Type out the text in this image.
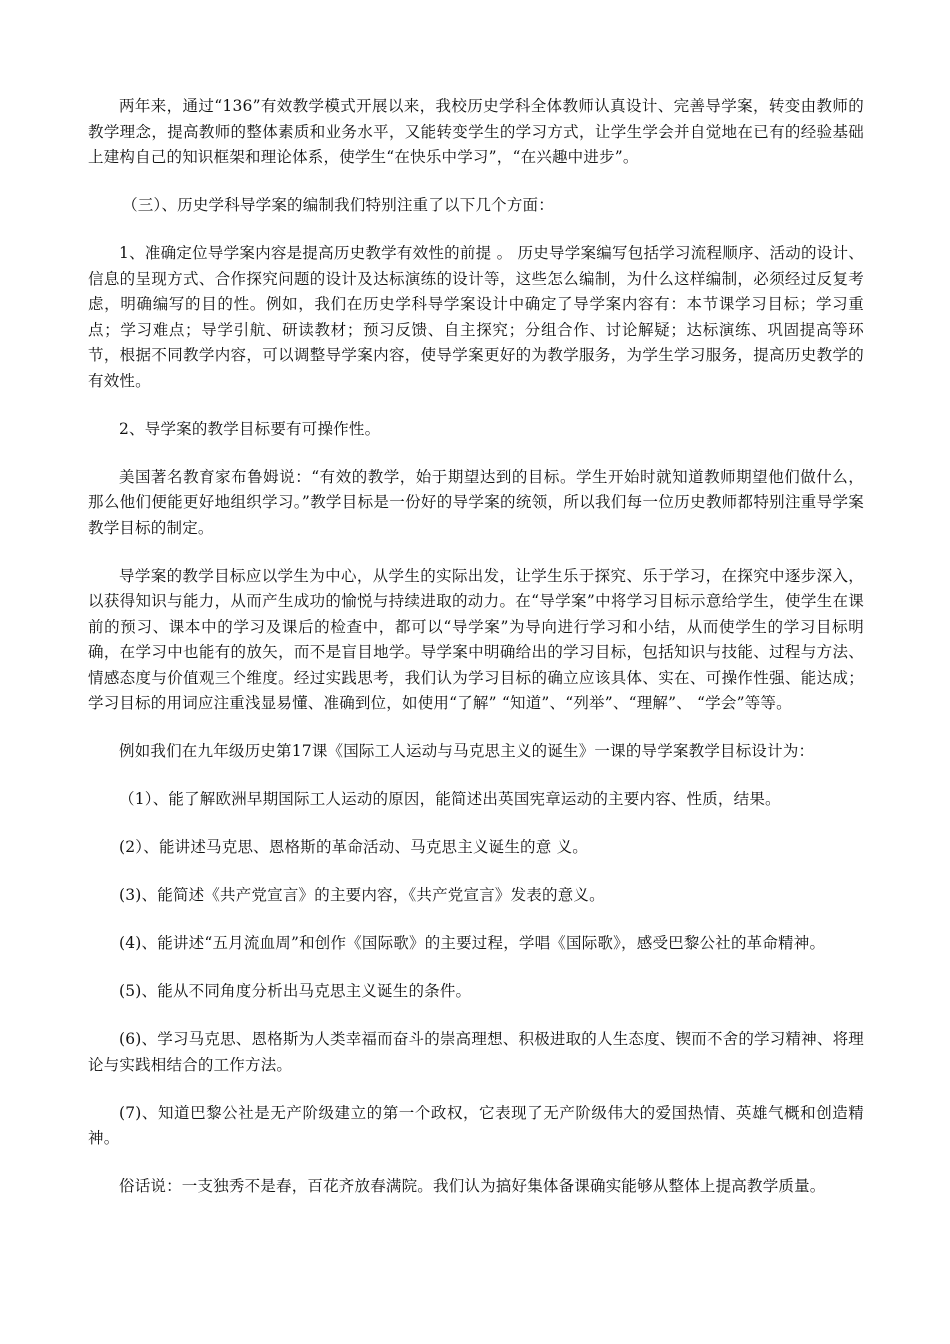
两年来，通过“136”有效教学模式开展以来，我校历史学科全体教师认真设计、完善导学案，转变由教师的教学理念，提高教师的整体素质和业务水平，又能转变学生的学习方式，让学生学会并自觉地在已有的经验基础上建构自己的知识框架和理论体系，使学生“在快乐中学习”，“在兴趣中进步”。

（三）、历史学科导学案的编制我们特别注重了以下几个方面：

1、准确定位导学案内容是提高历史教学有效性的前提 。 历史导学案编写包括学习流程顺序、活动的设计、信息的呈现方式、合作探究问题的设计及达标演练的设计等，这些怎么编制，为什么这样编制，必须经过反复考虑，明确编写的目的性。例如，我们在历史学科导学案设计中确定了导学案内容有：本节课学习目标；学习重点；学习难点；导学引航、研读教材；预习反馈、自主探究；分组合作、讨论解疑；达标演练、巩固提高等环节，根据不同教学内容，可以调整导学案内容，使导学案更好的为教学服务，为学生学习服务，提高历史教学的有效性。

2、导学案的教学目标要有可操作性。

美国著名教育家布鲁姆说：“有效的教学，始于期望达到的目标。学生开始时就知道教师期望他们做什么，那么他们便能更好地组织学习。”教学目标是一份好的导学案的统领，所以我们每一位历史教师都特别注重导学案教学目标的制定。

导学案的教学目标应以学生为中心，从学生的实际出发，让学生乐于探究、乐于学习，在探究中逐步深入，以获得知识与能力，从而产生成功的愉悦与持续进取的动力。在“导学案”中将学习目标示意给学生，使学生在课前的预习、课本中的学习及课后的检查中，都可以“导学案”为导向进行学习和小结，从而使学生的学习目标明确，在学习中也能有的放矢，而不是盲目地学。导学案中明确给出的学习目标，包括知识与技能、过程与方法、情感态度与价值观三个维度。经过实践思考，我们认为学习目标的确立应该具体、实在、可操作性强、能达成；学习目标的用词应注重浅显易懂、准确到位，如使用“了解” “知道”、“列举”、“理解”、 “学会”等等。

例如我们在九年级历史第17课《国际工人运动与马克思主义的诞生》一课的导学案教学目标设计为：

（1）、能了解欧洲早期国际工人运动的原因，能简述出英国宪章运动的主要内容、性质，结果。

(2）、能讲述马克思、恩格斯的革命活动、马克思主义诞生的意 义。

(3)、能简述《共产党宣言》的主要内容，《共产党宣言》发表的意义。

(4)、能讲述“五月流血周”和创作《国际歌》的主要过程，学唱《国际歌》，感受巴黎公社的革命精神。

(5)、能从不同角度分析出马克思主义诞生的条件。

(6)、学习马克思、恩格斯为人类幸福而奋斗的崇高理想、积极进取的人生态度、锲而不舍的学习精神、将理论与实践相结合的工作方法。

(7)、知道巴黎公社是无产阶级建立的第一个政权，它表现了无产阶级伟大的爱国热情、英雄气概和创造精神。

俗话说：一支独秀不是春，百花齐放春满院。我们认为搞好集体备课确实能够从整体上提高教学质量。
